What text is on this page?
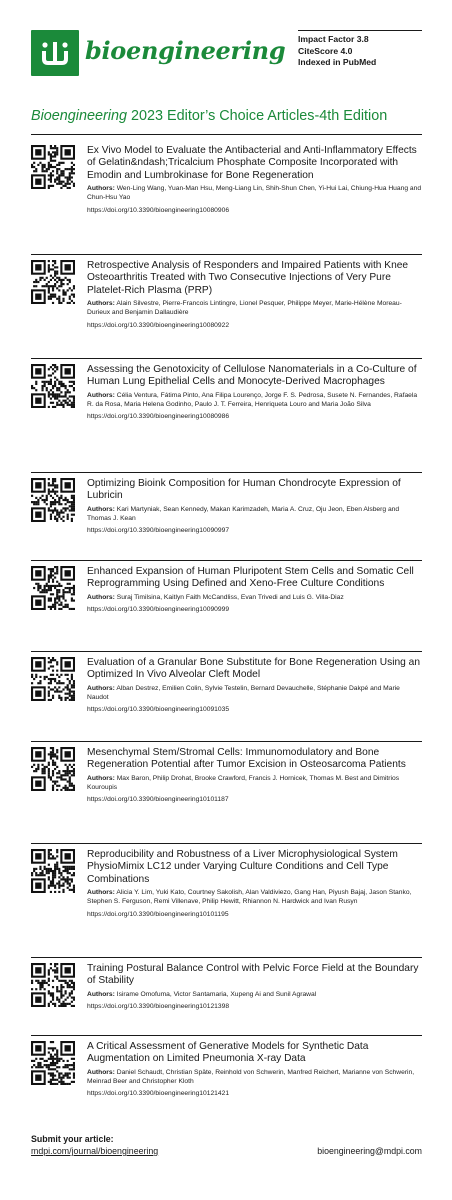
bioengineering Impact Factor 3.8
CiteScore 4.0
Indexed in PubMed
Bioengineering 2023 Editor’s Choice Articles-4th Edition
Ex Vivo Model to Evaluate the Antibacterial and Anti-Inflammatory Effects of Gelatin&ndash;Tricalcium Phosphate Composite Incorporated with Emodin and Lumbrokinase for Bone Regeneration
Authors: Wen-Ling Wang, Yuan-Man Hsu, Meng-Liang Lin, Shih-Shun Chen, Yi-Hui Lai, Chiung-Hua Huang and Chun-Hsu Yao
https://doi.org/10.3390/bioengineering10080906
Retrospective Analysis of Responders and Impaired Patients with Knee Osteoarthritis Treated with Two Consecutive Injections of Very Pure Platelet-Rich Plasma (PRP)
Authors: Alain Silvestre, Pierre-Francois Lintingre, Lionel Pesquer, Philippe Meyer, Marie-Hélène Moreau-Durieux and Benjamin Dallaudière
https://doi.org/10.3390/bioengineering10080922
Assessing the Genotoxicity of Cellulose Nanomaterials in a Co-Culture of Human Lung Epithelial Cells and Monocyte-Derived Macrophages
Authors: Célia Ventura, Fátima Pinto, Ana Filipa Lourenço, Jorge F. S. Pedrosa, Susete N. Fernandes, Rafaela R. da Rosa, Maria Helena Godinho, Paulo J. T. Ferreira, Henriqueta Louro and Maria João Silva
https://doi.org/10.3390/bioengineering10080986
Optimizing Bioink Composition for Human Chondrocyte Expression of Lubricin
Authors: Kari Martyniak, Sean Kennedy, Makan Karimzadeh, Maria A. Cruz, Oju Jeon, Eben Alsberg and Thomas J. Kean
https://doi.org/10.3390/bioengineering10090997
Enhanced Expansion of Human Pluripotent Stem Cells and Somatic Cell Reprogramming Using Defined and Xeno-Free Culture Conditions
Authors: Suraj Timilsina, Kaitlyn Faith McCandliss, Evan Trivedi and Luis G. Villa-Diaz
https://doi.org/10.3390/bioengineering10090999
Evaluation of a Granular Bone Substitute for Bone Regeneration Using an Optimized In Vivo Alveolar Cleft Model
Authors: Alban Destrez, Emilien Colin, Sylvie Testelin, Bernard Devauchelle, Stéphanie Dakpé and Marie Naudot
https://doi.org/10.3390/bioengineering10091035
Mesenchymal Stem/Stromal Cells: Immunomodulatory and Bone Regeneration Potential after Tumor Excision in Osteosarcoma Patients
Authors: Max Baron, Philip Drohat, Brooke Crawford, Francis J. Hornicek, Thomas M. Best and Dimitrios Kouroupis
https://doi.org/10.3390/bioengineering10101187
Reproducibility and Robustness of a Liver Microphysiological System PhysioMimix LC12 under Varying Culture Conditions and Cell Type Combinations
Authors: Alicia Y. Lim, Yuki Kato, Courtney Sakolish, Alan Valdiviezo, Gang Han, Piyush Bajaj, Jason Stanko, Stephen S. Ferguson, Remi Villenave, Philip Hewitt, Rhiannon N. Hardwick and Ivan Rusyn
https://doi.org/10.3390/bioengineering10101195
Training Postural Balance Control with Pelvic Force Field at the Boundary of Stability
Authors: Isirame Omofuma, Victor Santamaria, Xupeng Ai and Sunil Agrawal
https://doi.org/10.3390/bioengineering10121398
A Critical Assessment of Generative Models for Synthetic Data Augmentation on Limited Pneumonia X-ray Data
Authors: Daniel Schaudt, Christian Späte, Reinhold von Schwerin, Manfred Reichert, Marianne von Schwerin, Meinrad Beer and Christopher Kloth
https://doi.org/10.3390/bioengineering10121421
Submit your article:
mdpi.com/journal/bioengineering	bioengineering@mdpi.com
